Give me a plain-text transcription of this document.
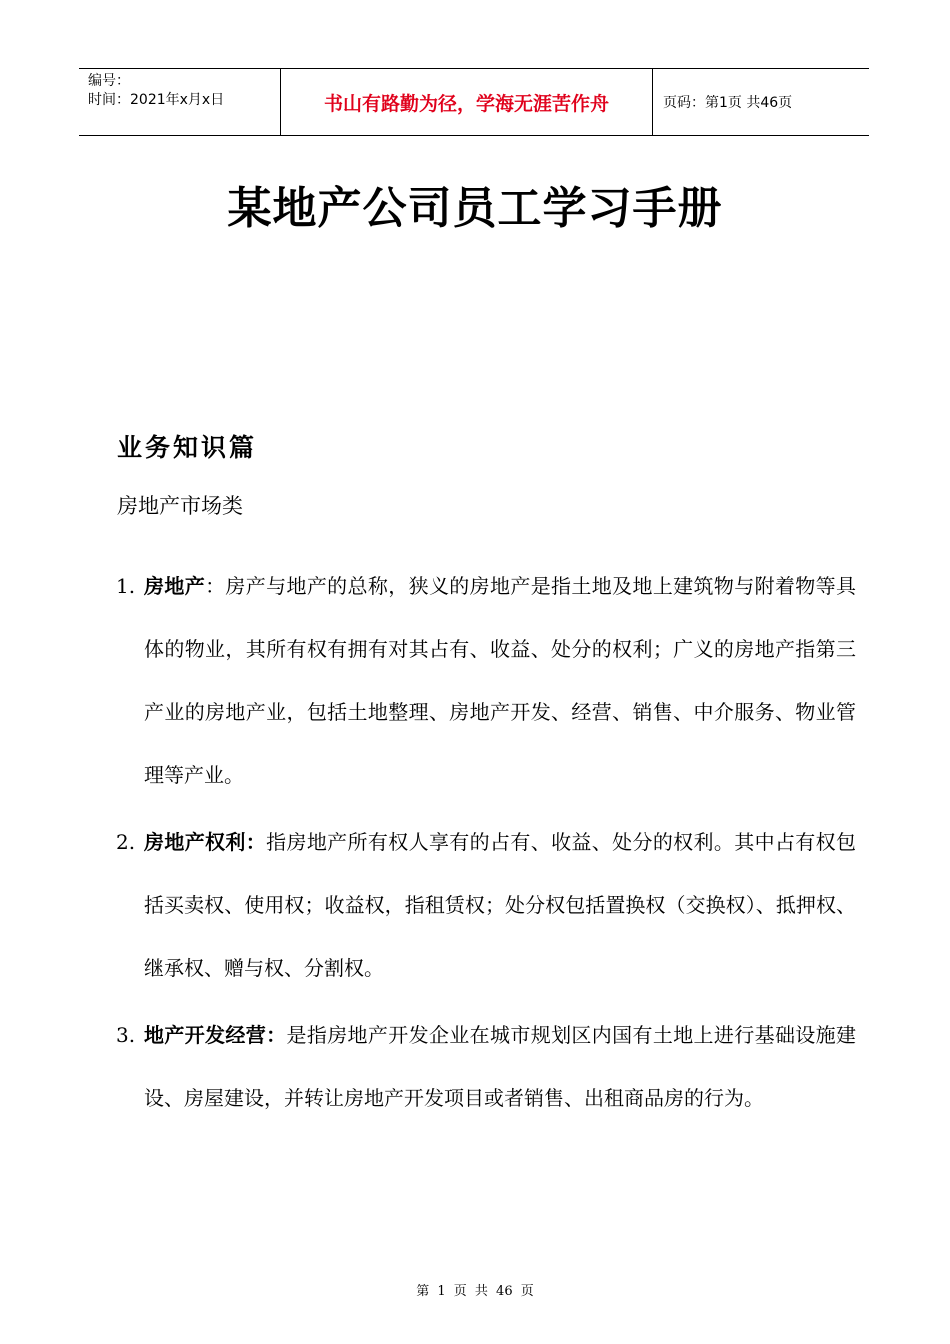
编号：
时间：2021年x月x日	书山有路勤为径，学海无涯苦作舟	页码：第1页 共46页
某地产公司员工学习手册
业务知识篇
房地产市场类
1. 房地产：房产与地产的总称，狭义的房地产是指土地及地上建筑物与附着物等具体的物业，其所有权有拥有对其占有、收益、处分的权利；广义的房地产指第三产业的房地产业，包括土地整理、房地产开发、经营、销售、中介服务、物业管理等产业。
2. 房地产权利：指房地产所有权人享有的占有、收益、处分的权利。其中占有权包括买卖权、使用权；收益权，指租赁权；处分权包括置换权（交换权）、抵押权、继承权、赠与权、分割权。
3. 地产开发经营：是指房地产开发企业在城市规划区内国有土地上进行基础设施建设、房屋建设，并转让房地产开发项目或者销售、出租商品房的行为。
第 1 页 共 46 页
